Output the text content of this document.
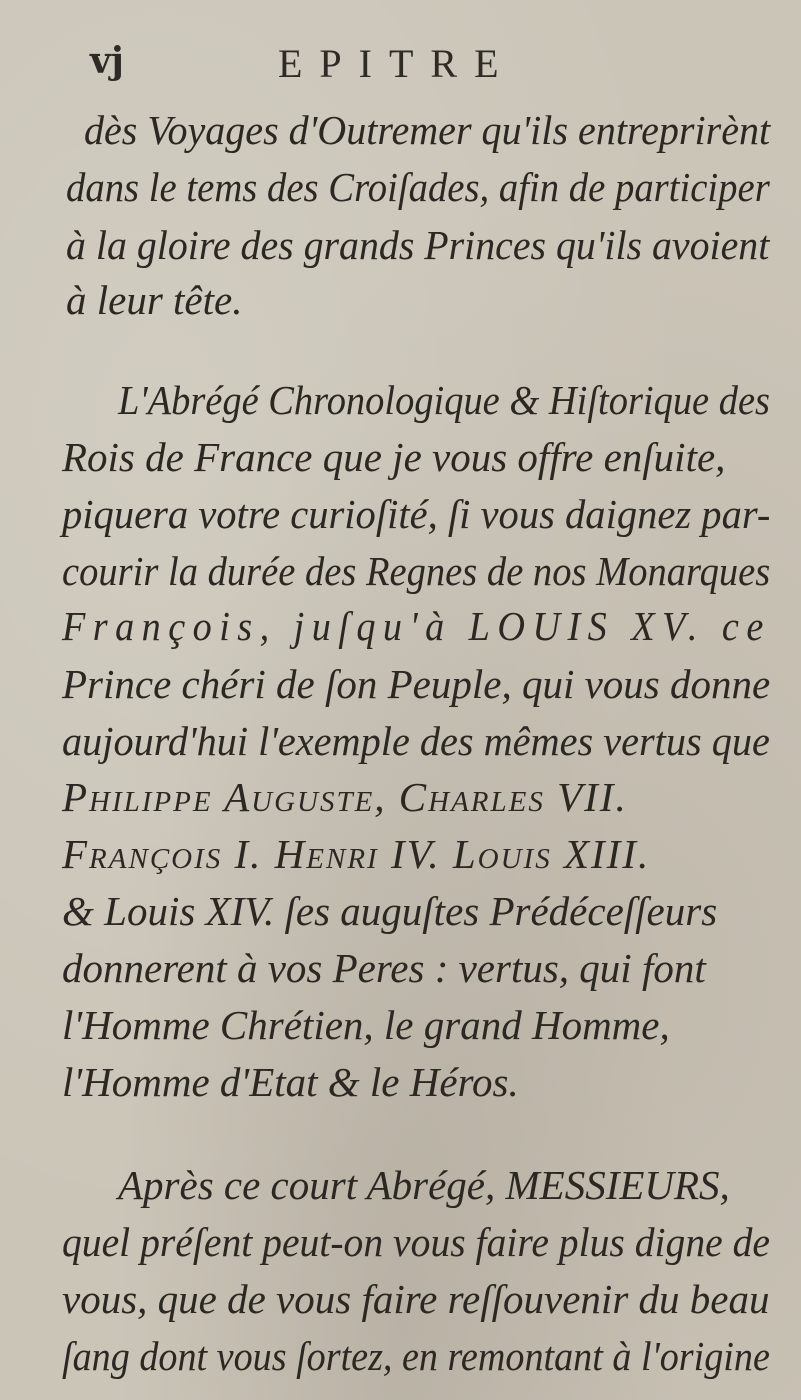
vj	EPITRE
dès Voyages d'Outremer qu'ils entreprirènt
dans le tems des Croiſades, afin de participer
à la gloire des grands Princes qu'ils avoient
à leur tête.
L'Abrégé Chronologique & Hiſtorique des
Rois de France que je vous offre enſuite,
piquera votre curioſité, ſi vous daignez par-
courir la durée des Regnes de nos Monarques
François, juſqu'à LOUIS XV. ce
Prince chéri de ſon Peuple, qui vous donne
aujourd'hui l'exemple des mêmes vertus que
Philippe Auguste, Charles VII.
François I. Henri IV. Louis XIII.
& Louis XIV. ſes auguſtes Prédéceſſeurs
donnerent à vos Peres : vertus, qui font
l'Homme Chrétien, le grand Homme,
l'Homme d'Etat & le Héros.
Après ce court Abrégé, MESSIEURS,
quel préſent peut-on vous faire plus digne de
vous, que de vous faire reſſouvenir du beau
ſang dont vous ſortez, en remontant à l'origine
